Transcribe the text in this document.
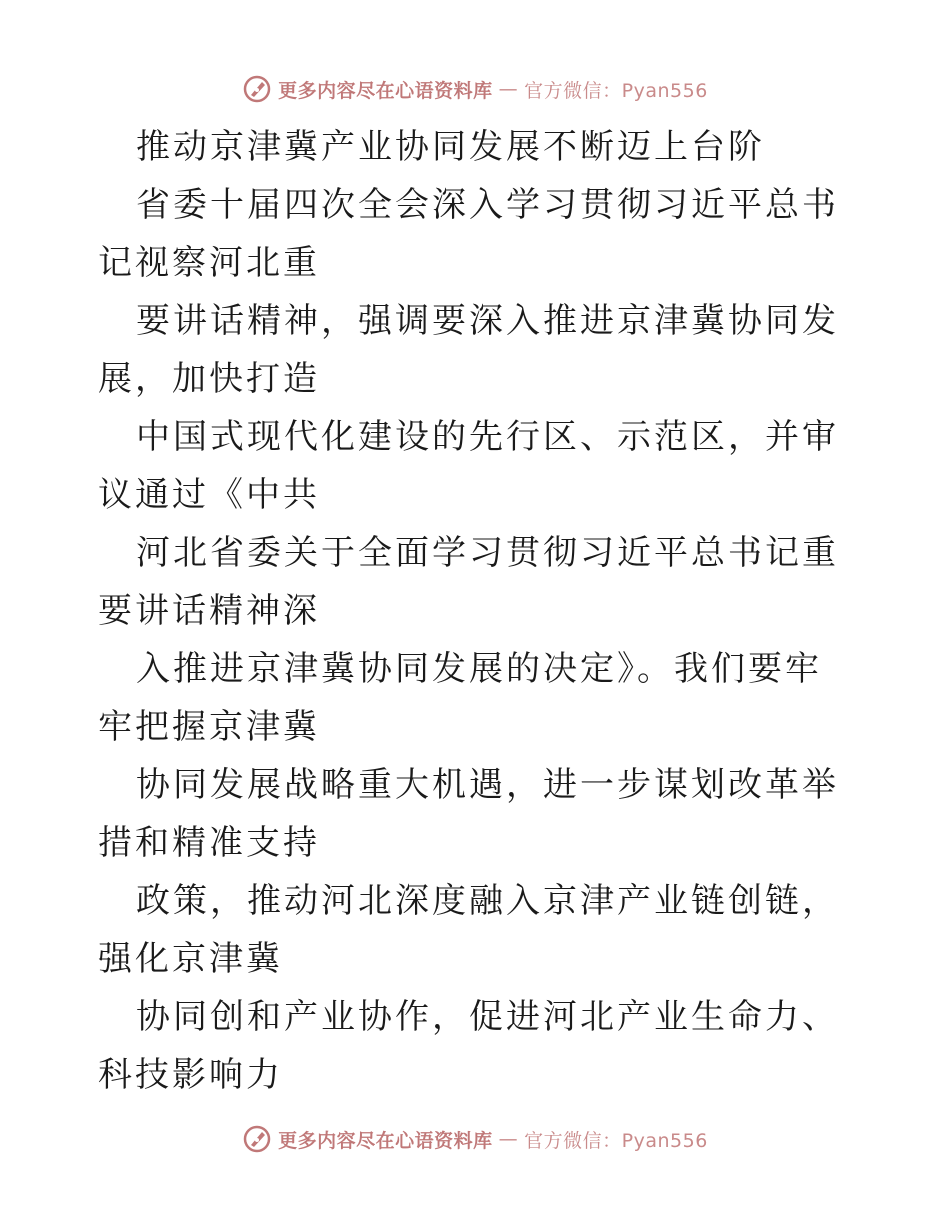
更多内容尽在心语资料库 — 官方微信：Pyan556

推动京津冀产业协同发展不断迈上台阶

省委十届四次全会深入学习贯彻习近平总书记视察河北重

要讲话精神，强调要深入推进京津冀协同发展，加快打造

中国式现代化建设的先行区、示范区，并审议通过《中共

河北省委关于全面学习贯彻习近平总书记重要讲话精神深

入推进京津冀协同发展的决定》。我们要牢牢把握京津冀

协同发展战略重大机遇，进一步谋划改革举措和精准支持

政策，推动河北深度融入京津产业链创链，强化京津冀

协同创和产业协作，促进河北产业生命力、科技影响力

更多内容尽在心语资料库 — 官方微信：Pyan556
